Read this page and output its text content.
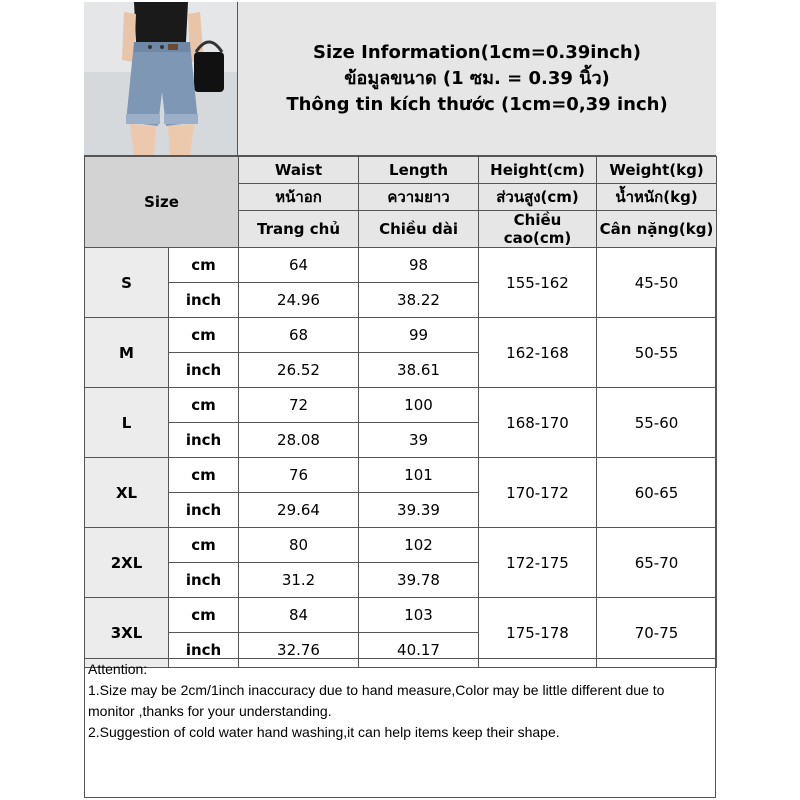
Size Information(1cm=0.39inch)
ข้อมูลขนาด (1 ซม. = 0.39 นิ้ว)
Thông tin kích thước (1cm=0,39 inch)
Size		Waist	Length	Height(cm)	Weight(kg)
		หน้าอก	ความยาว	ส่วนสูง(cm)	น้ำหนัก(kg)
		Trang chủ	Chiều dài	Chiều cao(cm)	Cân nặng(kg)
S	cm	64	98	155-162	45-50
	inch	24.96	38.22		
M	cm	68	99	162-168	50-55
	inch	26.52	38.61		
L	cm	72	100	168-170	55-60
	inch	28.08	39		
XL	cm	76	101	170-172	60-65
	inch	29.64	39.39		
2XL	cm	80	102	172-175	65-70
	inch	31.2	39.78		
3XL	cm	84	103	175-178	70-75
	inch	32.76	40.17		
Attention:
1.Size may be 2cm/1inch inaccuracy due to hand measure,Color may be little different due to monitor ,thanks for your understanding.
2.Suggestion of cold water hand washing,it can help items keep their shape.
